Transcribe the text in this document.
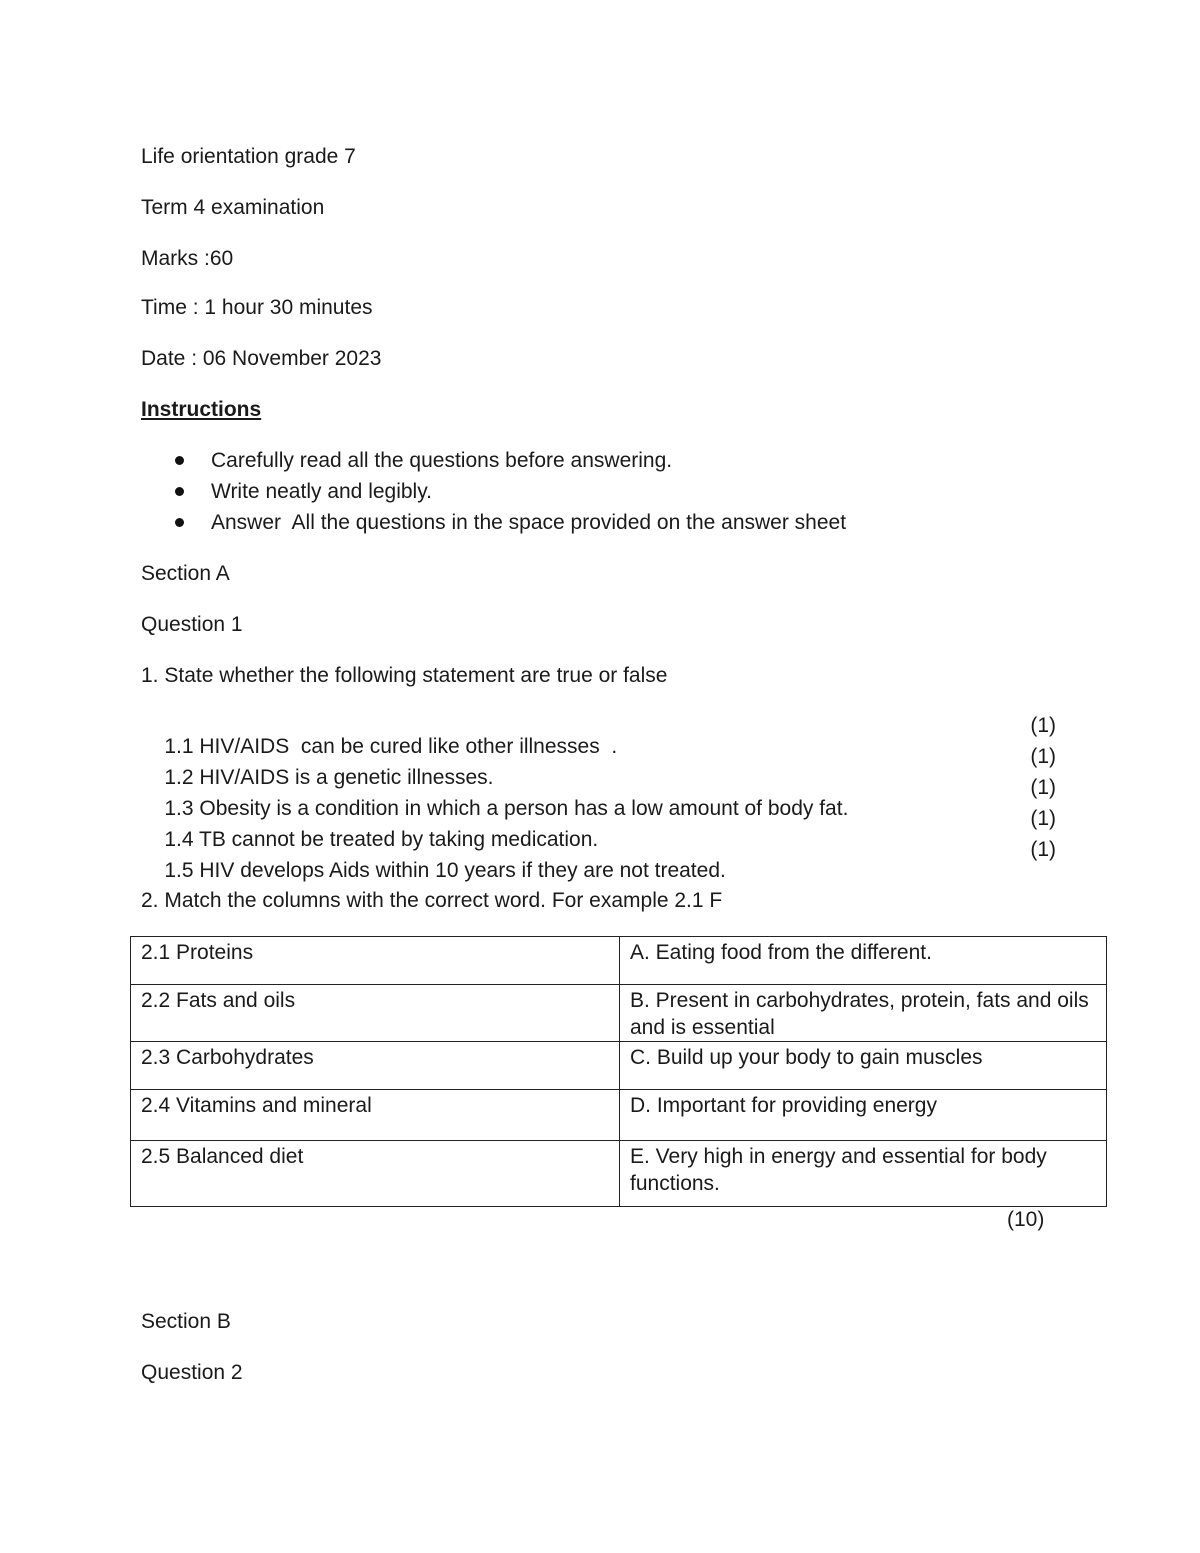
Life orientation grade 7
Term 4 examination
Marks :60
Time : 1 hour 30 minutes
Date : 06 November 2023
Instructions

Carefully read all the questions before answering.

Write neatly and legibly.

Answer  All the questions in the space provided on the answer sheet

Section A
Question 1
1. State whether the following statement are true or false

1.1 HIV/AIDS  can be cured like other illnesses  .

(1)

1.2 HIV/AIDS is a genetic illnesses.

(1)

1.3 Obesity is a condition in which a person has a low amount of body fat.

(1)

1.4 TB cannot be treated by taking medication.

(1)

1.5 HIV develops Aids within 10 years if they are not treated.

(1)

2. Match the columns with the correct word. For example 2.1 F
2.1 Proteins	A. Eating food from the different.
2.2 Fats and oils	B. Present in carbohydrates, protein, fats and oils and is essential
2.3 Carbohydrates	C. Build up your body to gain muscles
2.4 Vitamins and mineral	D. Important for providing energy
2.5 Balanced diet	E. Very high in energy and essential for body functions.
(10)
Section B
Question 2
